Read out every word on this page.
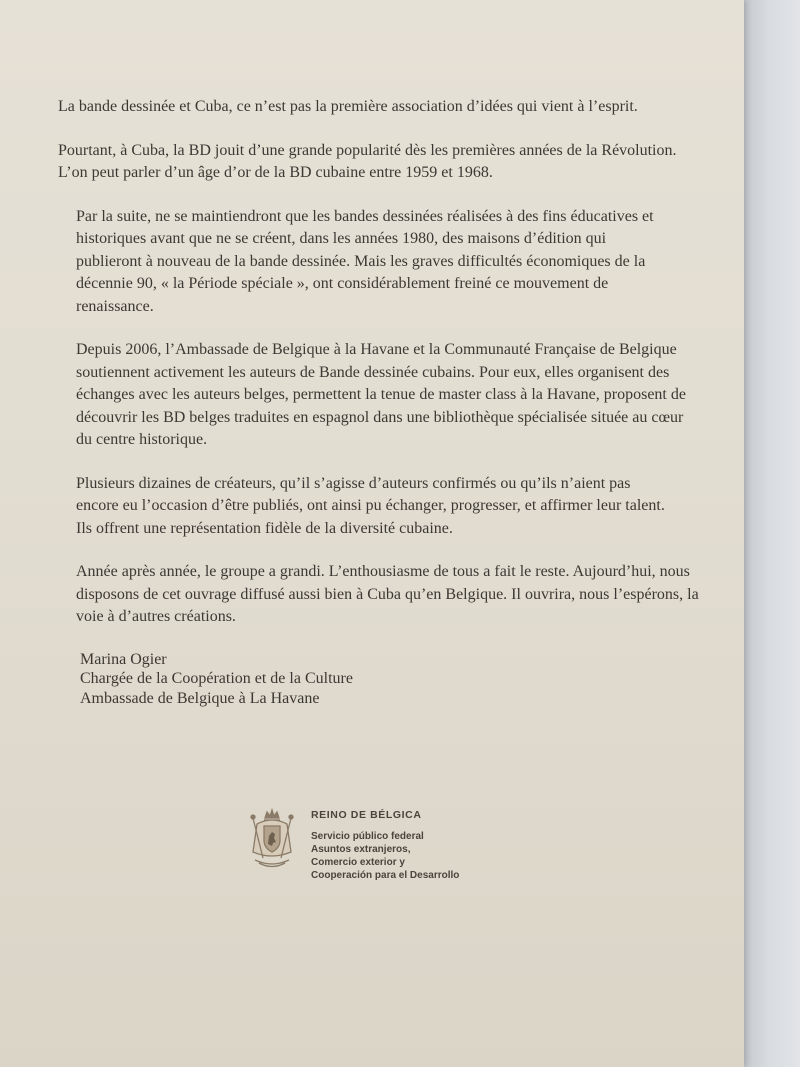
La bande dessinée et Cuba, ce n’est pas la première association d’idées qui vient à l’esprit.

Pourtant, à Cuba, la BD jouit d’une grande popularité dès les premières années de la Révolution. L’on peut parler d’un âge d’or de la BD cubaine entre 1959 et 1968.

Par la suite, ne se maintiendront que les bandes dessinées réalisées à des fins éducatives et historiques avant que ne se créent, dans les années 1980, des maisons d’édition qui publieront à nouveau de la bande dessinée. Mais les graves difficultés économiques de la décennie 90, « la Période spéciale », ont considérablement freiné ce mouvement de renaissance.

Depuis 2006, l’Ambassade de Belgique à la Havane et la Communauté Française de Belgique soutiennent activement les auteurs de Bande dessinée cubains. Pour eux, elles organisent des échanges avec les auteurs belges, permettent la tenue de master class à la Havane, proposent de découvrir les BD belges traduites en espagnol dans une bibliothèque spécialisée située au cœur du centre historique.

Plusieurs dizaines de créateurs, qu’il s’agisse d’auteurs confirmés ou qu’ils n’aient pas encore eu l’occasion d’être publiés, ont ainsi pu échanger, progresser, et affirmer leur talent. Ils offrent une représentation fidèle de la diversité cubaine.

Année après année, le groupe a grandi. L’enthousiasme de tous a fait le reste. Aujourd’hui, nous disposons de cet ouvrage diffusé aussi bien à Cuba qu’en Belgique. Il ouvrira, nous l’espérons, la voie à d’autres créations.

Marina Ogier
Chargée de la Coopération et de la Culture
Ambassade de Belgique à La Havane
REINO DE BÉLGICA
Servicio público federal
Asuntos extranjeros,
Comercio exterior y
Cooperación para el Desarrollo
